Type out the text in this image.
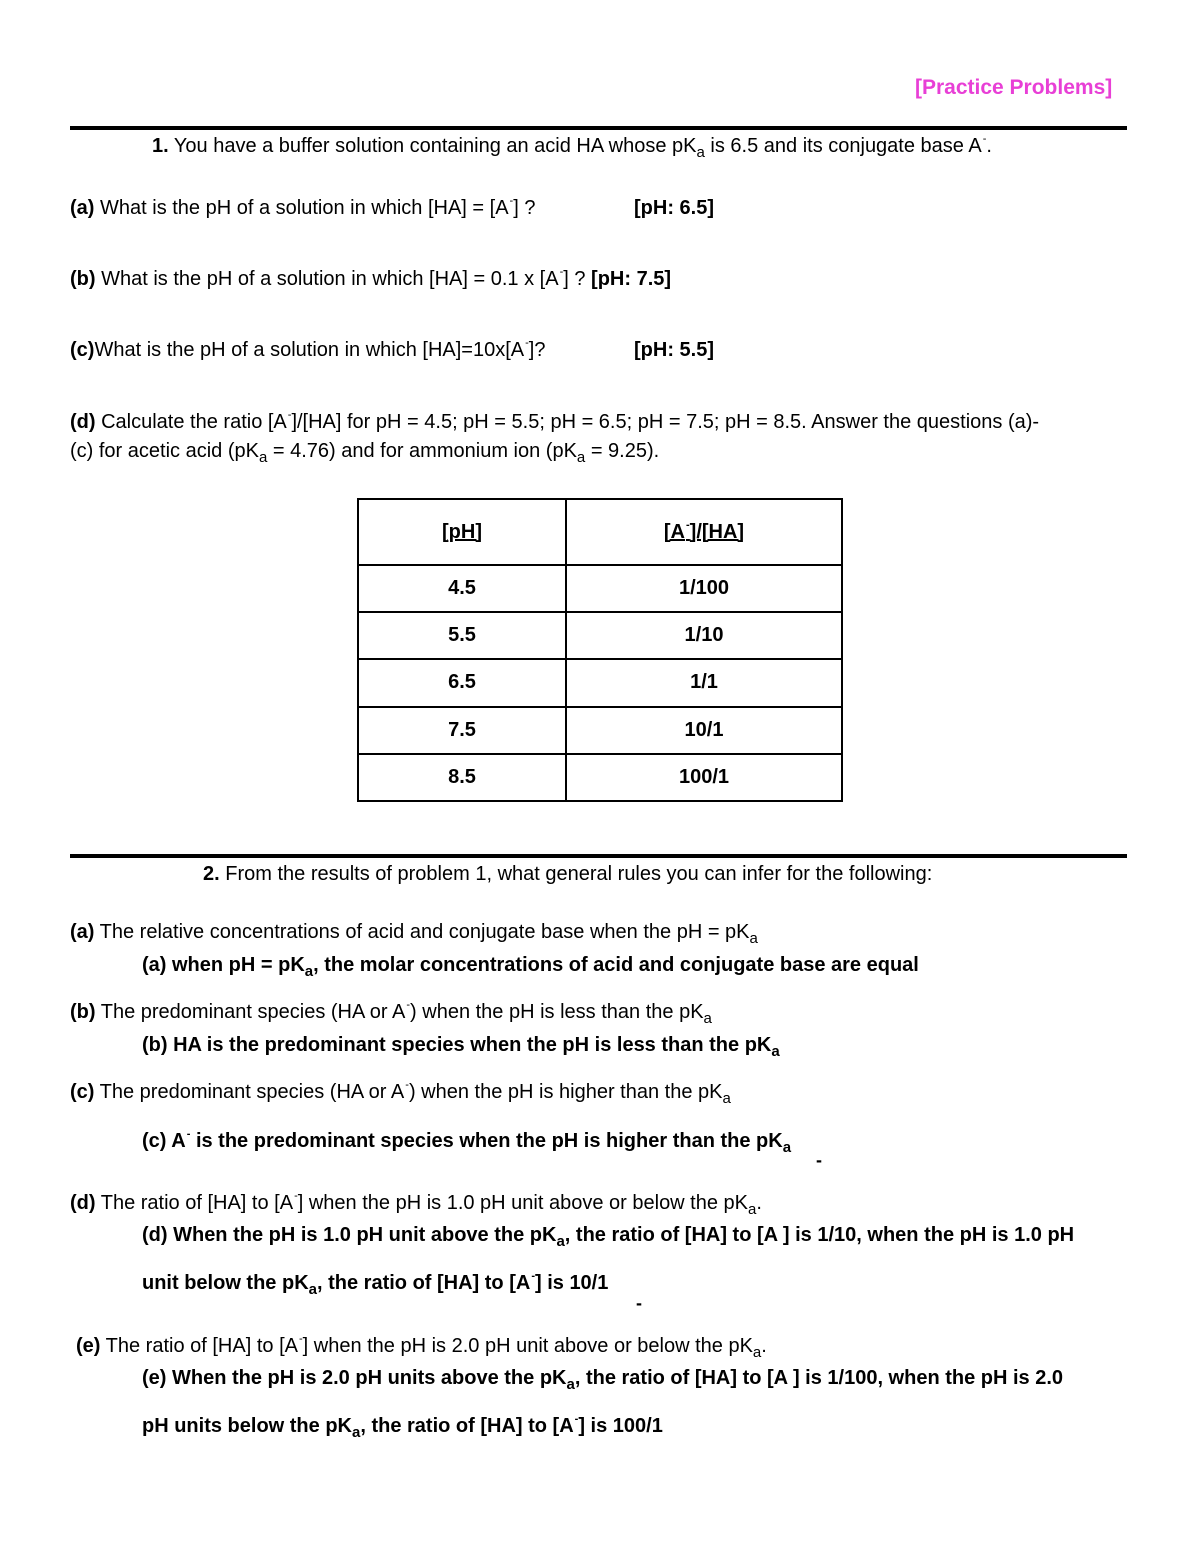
[Practice Problems]
1. You have a buffer solution containing an acid HA whose $pK_a$ is 6.5 and its conjugate base A-.
(a) What is the pH of a solution in which [HA] = [A-] ?	[pH: 6.5]
(b) What is the pH of a solution in which [HA] = 0.1 x [A-] ? [pH: 7.5]
(c)What is the pH of a solution in which [HA]=10x[A-]?	[pH: 5.5]
(d) Calculate the ratio [A-]/[HA] for pH = 4.5; pH = 5.5; pH = 6.5; pH = 7.5; pH = 8.5. Answer the questions (a)-
(c) for acetic acid $(pK_a = 4.76)$ and for ammonium ion $(pK_a = 9.25)$.
[pH]	[A-]/[HA]
4.5	1/100
5.5	1/10
6.5	1/1
7.5	10/1
8.5	100/1
2. From the results of problem 1, what general rules you can infer for the following:
(a) The relative concentrations of acid and conjugate base when the pH = $pK_a$
(a) when pH = $pK_a$, the molar concentrations of acid and conjugate base are equal
(b) The predominant species (HA or A-) when the pH is less than the $pK_a$
(b) HA is the predominant species when the pH is less than the $pK_a$
(c) The predominant species (HA or A-) when the pH is higher than the $pK_a$
(c) A- is the predominant species when the pH is higher than the $pK_a$
-
(d) The ratio of [HA] to [A-] when the pH is 1.0 pH unit above or below the $pK_a$.
(d) When the pH is 1.0 pH unit above the $pK_a$, the ratio of [HA] to [A ] is 1/10, when the pH is 1.0 pH
unit below the $pK_a$, the ratio of [HA] to [A-] is 10/1
-
(e) The ratio of [HA] to [A-] when the pH is 2.0 pH unit above or below the $pK_a$.
(e) When the pH is 2.0 pH units above the $pK_a$, the ratio of [HA] to [A ] is 1/100, when the pH is 2.0
pH units below the $pK_a$, the ratio of [HA] to [A-] is 100/1
